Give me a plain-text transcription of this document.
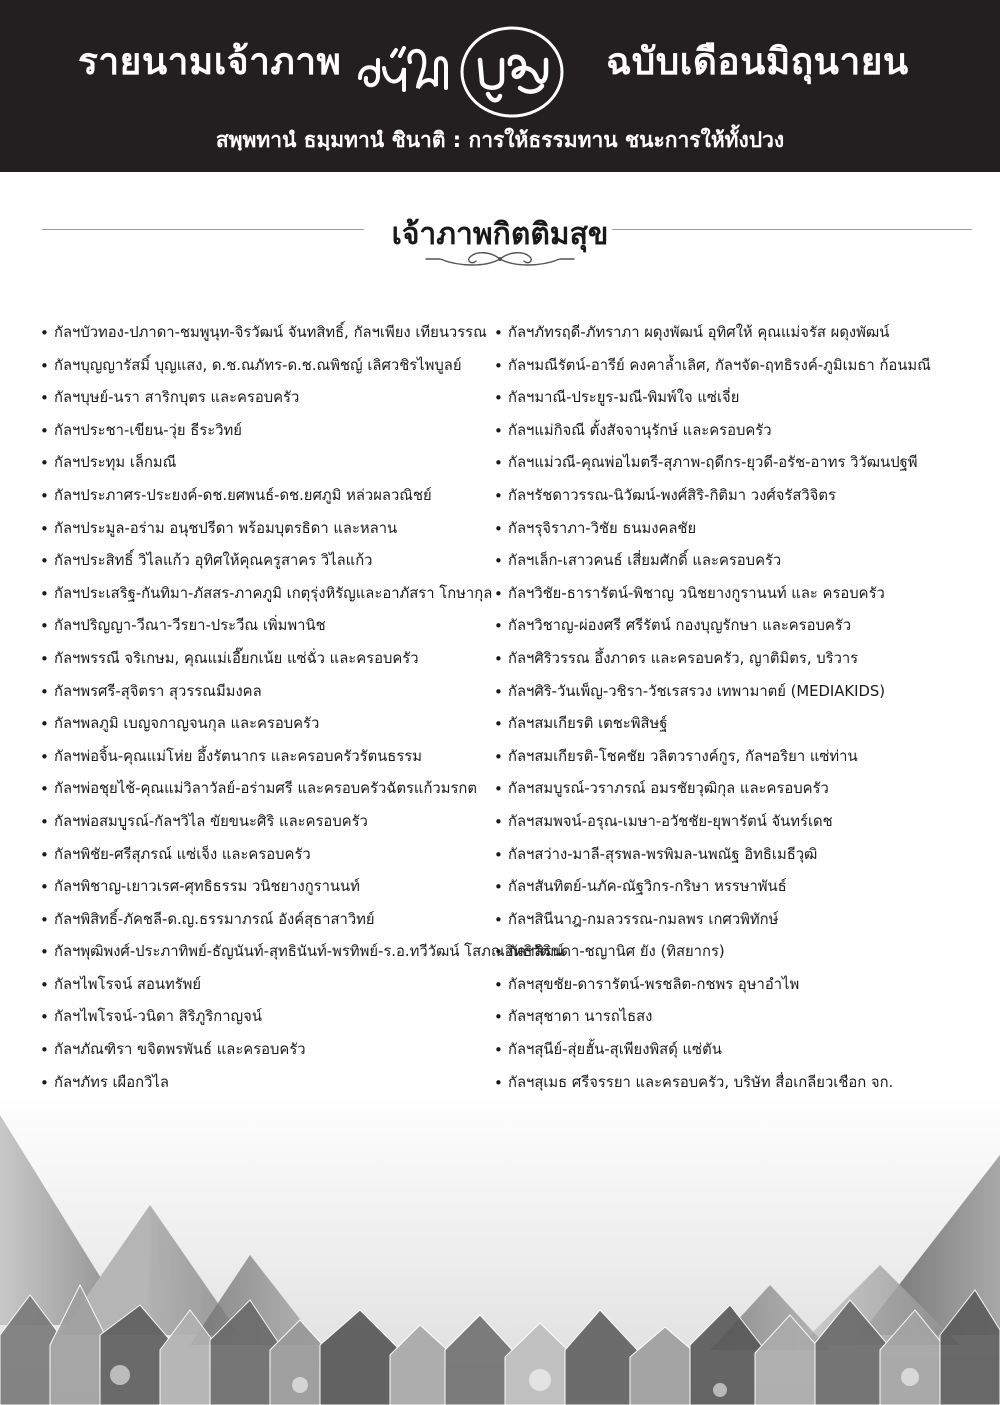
รายนามเจ้าภาพ	ฉบับเดือนมิถุนายน
สพฺพทานํ ธมฺมทานํ ชินาติ : การให้ธรรมทาน ชนะการให้ทั้งปวง
เจ้าภาพกิตติมสุข
• กัลฯบัวทอง-ปภาดา-ชมพูนุท-จิรวัฒน์ จันทสิทธิ์, กัลฯเพียง เทียนวรรณ
• กัลฯบุญญารัสมิ์ บุญแสง, ด.ช.ณภัทร-ด.ช.ณพิชญ์ เลิศวชิรไพบูลย์
• กัลฯบุษย์-นรา สาริกบุตร และครอบครัว
• กัลฯประชา-เขียน-วุ่ย ธีระวิทย์
• กัลฯประทุม เล็กมณี
• กัลฯประภาศร-ประยงค์-ดช.ยศพนธ์-ดช.ยศภูมิ หล่วผลวณิชย์
• กัลฯประมูล-อร่าม อนุชปรีดา พร้อมบุตรธิดา และหลาน
• กัลฯประสิทธิ์ วิไลแก้ว อุทิศให้คุณครูสาคร วิไลแก้ว
• กัลฯประเสริฐ-กันทิมา-ภัสสร-ภาคภูมิ เกตุรุ่งหิรัญและอาภัสรา โกษากุล
• กัลฯปริญญา-วีณา-วีรยา-ประวีณ เพิ่มพานิช
• กัลฯพรรณี จริเกษม, คุณแม่เอี๊ยกเน้ย แซ่ฉั่ว และครอบครัว
• กัลฯพรศรี-สุจิตรา สุวรรณมีมงคล
• กัลฯพลภูมิ เบญจกาญจนกุล และครอบครัว
• กัลฯพ่อจิ้น-คุณแม่โห่ย อึ้งรัตนากร และครอบครัวรัตนธรรม
• กัลฯพ่อชุยไช้-คุณแม่วิลาวัลย์-อร่ามศรี และครอบครัวฉัตรแก้วมรกต
• กัลฯพ่อสมบูรณ์-กัลฯวิไล ขัยขนะศิริ และครอบครัว
• กัลฯพิชัย-ศรีสุภรณ์ แซ่เจ็ง และครอบครัว
• กัลฯพิชาญ-เยาวเรศ-ศุทธิธรรม วนิชยางกูรานนท์
• กัลฯพิสิทธิ์-ภัคชลี-ด.ญ.ธรรมาภรณ์ อังค์สุธาสาวิทย์
• กัลฯพุฒิพงศ์-ประภาทิพย์-ธัญนันท์-สุทธินันท์-พรทิพย์-ร.อ.ทวีวัฒน์ โสภณอิทธิวัฒน์
• กัลฯไพโรจน์ สอนทรัพย์
• กัลฯไพโรจน์-วนิดา สิริภูริกาญจน์
• กัลฯภัณฑิรา ขจิตพรพันธ์ และครอบครัว
• กัลฯภัทร เผือกวิไล
• กัลฯภัทรฤดี-ภัทราภา ผดุงพัฒน์ อุทิศให้ คุณแม่จรัส ผดุงพัฒน์
• กัลฯมณีรัตน์-อารีย์ คงคาล้ำเลิศ, กัลฯจัด-ฤทธิรงค์-ภูมิเมธา ก้อนมณี
• กัลฯมาณี-ประยูร-มณี-พิมพ์ใจ แซ่เจี่ย
• กัลฯแม่กิจณี ตั้งสัจจานุรักษ์ และครอบครัว
• กัลฯแม่วณี-คุณพ่อไมตรี-สุภาพ-ฤดีกร-ยุวดี-อรัช-อาทร วิวัฒนปฐพี
• กัลฯรัชดาวรรณ-นิวัฒน์-พงศ์สิริ-กิติมา วงศ์จรัสวิจิตร
• กัลฯรุจิราภา-วิชัย ธนมงคลชัย
• กัลฯเล็ก-เสาวคนธ์ เสี่ยมศักดิ์ และครอบครัว
• กัลฯวิชัย-ธารารัตน์-พิชาญ วนิชยางกูรานนท์ และ ครอบครัว
• กัลฯวิชาญ-ผ่องศรี ศรีรัตน์ กองบุญรักษา และครอบครัว
• กัลฯศิริวรรณ อึ้งภาดร และครอบครัว, ญาติมิตร, บริวาร
• กัลฯศิริ-วันเพ็ญ-วชิรา-วัชเรสรวง เทพามาตย์ (MEDIAKIDS)
• กัลฯสมเกียรติ เตชะพิสิษฐ์
• กัลฯสมเกียรติ-โชคชัย วลิตวรางค์กูร, กัลฯอริยา แซ่ท่าน
• กัลฯสมบูรณ์-วราภรณ์ อมรชัยวุฒิกุล และครอบครัว
• กัลฯสมพจน์-อรุณ-เมษา-อวัชชัย-ยุพารัตน์ จันทร์เดช
• กัลฯสว่าง-มาลี-สุรพล-พรพิมล-นพณัฐ อิทธิเมธีวุฒิ
• กัลฯสันทิตย์-นภัค-ณัฐวิกร-กริษา หรรษาพันธ์
• กัลฯสินีนาฎ-กมลวรรณ-กมลพร เกศวพิทักษ์
• กัลฯสิรินดา-ชญานิศ ยัง (ทิสยากร)
• กัลฯสุขชัย-ดารารัตน์-พรชลิต-กชพร อุษาอำไพ
• กัลฯสุชาดา นารถไธสง
• กัลฯสุนีย์-สุ่ยฮั้น-สุเพียงพิสดุ์ แซ่ตัน
• กัลฯสุเมธ ศรีจรรยา และครอบครัว, บริษัท สื่อเกลียวเชือก จก.
